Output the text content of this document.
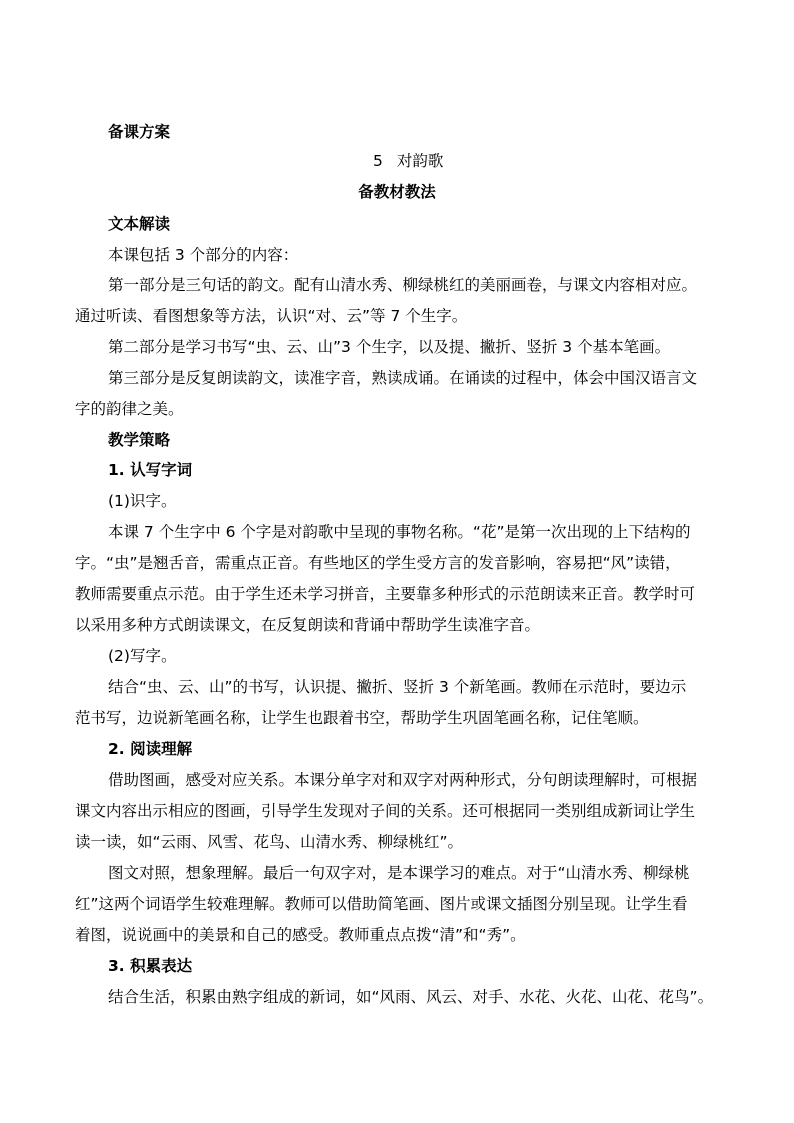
备课方案
5 对韵歌
备教材教法
文本解读
本课包括 3 个部分的内容：
第一部分是三句话的韵文。配有山清水秀、柳绿桃红的美丽画卷，与课文内容相对应。
通过听读、看图想象等方法，认识“对、云”等 7 个生字。
第二部分是学习书写“虫、云、山”3 个生字，以及提、撇折、竖折 3 个基本笔画。
第三部分是反复朗读韵文，读准字音，熟读成诵。在诵读的过程中，体会中国汉语言文
字的韵律之美。
教学策略
1. 认写字词
(1)识字。
本课 7 个生字中 6 个字是对韵歌中呈现的事物名称。“花”是第一次出现的上下结构的
字。“虫”是翘舌音，需重点正音。有些地区的学生受方言的发音影响，容易把“风”读错，
教师需要重点示范。由于学生还未学习拼音，主要靠多种形式的示范朗读来正音。教学时可
以采用多种方式朗读课文，在反复朗读和背诵中帮助学生读准字音。
(2)写字。
结合“虫、云、山”的书写，认识提、撇折、竖折 3 个新笔画。教师在示范时，要边示
范书写，边说新笔画名称，让学生也跟着书空，帮助学生巩固笔画名称，记住笔顺。
2. 阅读理解
借助图画，感受对应关系。本课分单字对和双字对两种形式，分句朗读理解时，可根据
课文内容出示相应的图画，引导学生发现对子间的关系。还可根据同一类别组成新词让学生
读一读，如“云雨、风雪、花鸟、山清水秀、柳绿桃红”。
图文对照，想象理解。最后一句双字对，是本课学习的难点。对于“山清水秀、柳绿桃
红”这两个词语学生较难理解。教师可以借助简笔画、图片或课文插图分别呈现。让学生看
着图，说说画中的美景和自己的感受。教师重点点拨“清”和“秀”。
3. 积累表达
结合生活，积累由熟字组成的新词，如“风雨、风云、对手、水花、火花、山花、花鸟”。
